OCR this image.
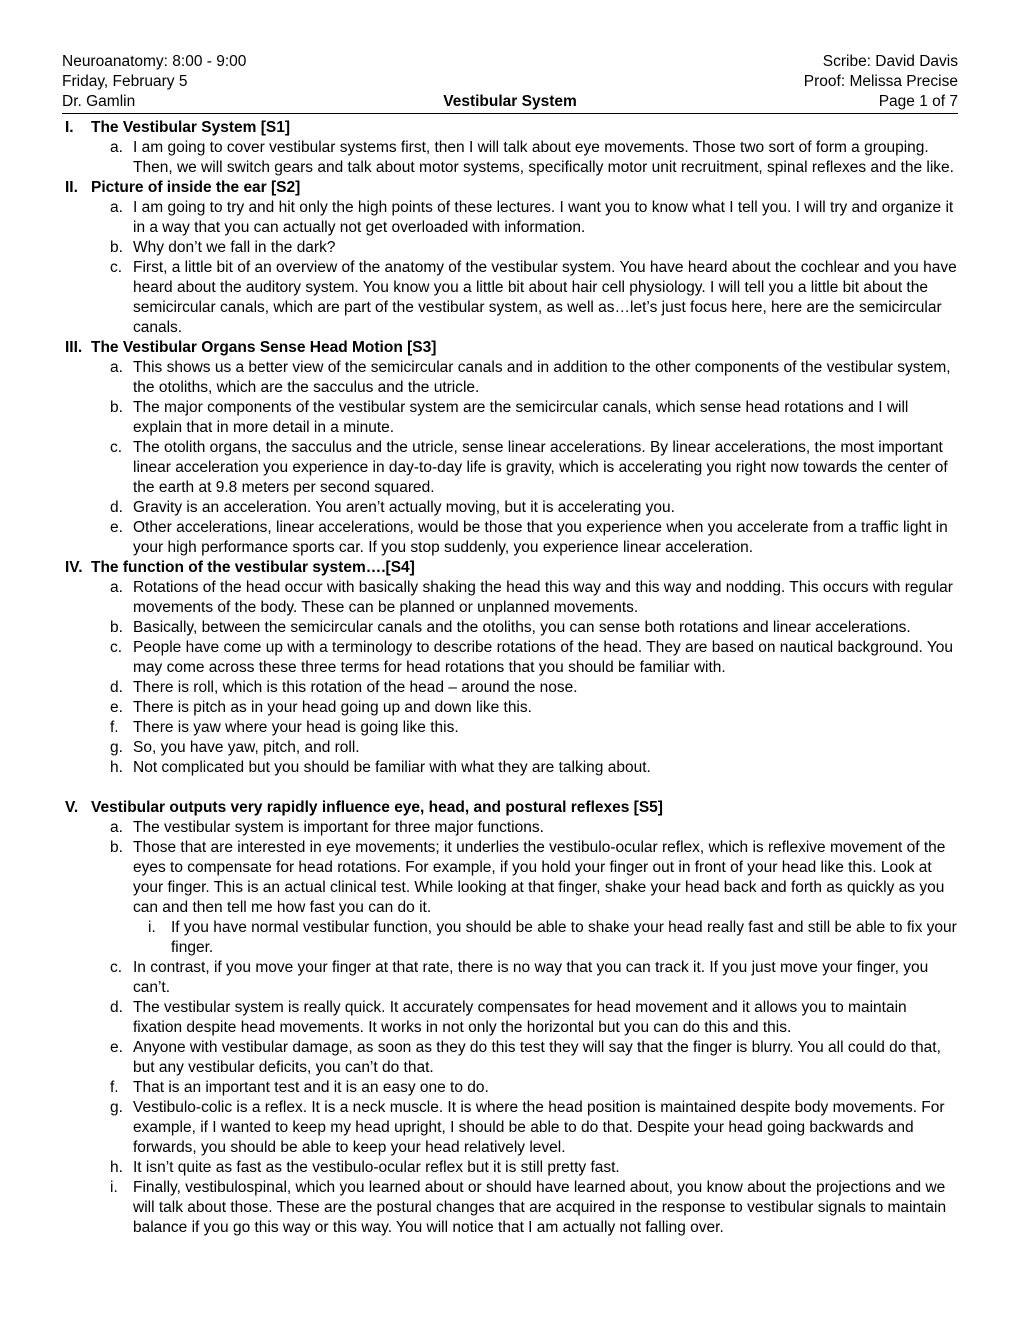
Neuroanatomy: 8:00 - 9:00	Scribe: David Davis
Friday, February 5	Proof: Melissa Precise
Dr. Gamlin	Vestibular System	Page 1 of 7
I.	The Vestibular System [S1]
a. I am going to cover vestibular systems first, then I will talk about eye movements. Those two sort of form a grouping. Then, we will switch gears and talk about motor systems, specifically motor unit recruitment, spinal reflexes and the like.
II. Picture of inside the ear [S2]
a. I am going to try and hit only the high points of these lectures. I want you to know what I tell you. I will try and organize it in a way that you can actually not get overloaded with information.
b. Why don’t we fall in the dark?
c. First, a little bit of an overview of the anatomy of the vestibular system. You have heard about the cochlear and you have heard about the auditory system. You know you a little bit about hair cell physiology. I will tell you a little bit about the semicircular canals, which are part of the vestibular system, as well as…let’s just focus here, here are the semicircular canals.
III. The Vestibular Organs Sense Head Motion [S3]
a. This shows us a better view of the semicircular canals and in addition to the other components of the vestibular system, the otoliths, which are the sacculus and the utricle.
b. The major components of the vestibular system are the semicircular canals, which sense head rotations and I will explain that in more detail in a minute.
c. The otolith organs, the sacculus and the utricle, sense linear accelerations. By linear accelerations, the most important linear acceleration you experience in day-to-day life is gravity, which is accelerating you right now towards the center of the earth at 9.8 meters per second squared.
d. Gravity is an acceleration. You aren’t actually moving, but it is accelerating you.
e. Other accelerations, linear accelerations, would be those that you experience when you accelerate from a traffic light in your high performance sports car. If you stop suddenly, you experience linear acceleration.
IV. The function of the vestibular system….[S4]
a. Rotations of the head occur with basically shaking the head this way and this way and nodding. This occurs with regular movements of the body. These can be planned or unplanned movements.
b. Basically, between the semicircular canals and the otoliths, you can sense both rotations and linear accelerations.
c. People have come up with a terminology to describe rotations of the head. They are based on nautical background. You may come across these three terms for head rotations that you should be familiar with.
d. There is roll, which is this rotation of the head – around the nose.
e. There is pitch as in your head going up and down like this.
f. There is yaw where your head is going like this.
g. So, you have yaw, pitch, and roll.
h. Not complicated but you should be familiar with what they are talking about.
V. Vestibular outputs very rapidly influence eye, head, and postural reflexes [S5]
a. The vestibular system is important for three major functions.
b. Those that are interested in eye movements; it underlies the vestibulo-ocular reflex, which is reflexive movement of the eyes to compensate for head rotations. For example, if you hold your finger out in front of your head like this. Look at your finger. This is an actual clinical test. While looking at that finger, shake your head back and forth as quickly as you can and then tell me how fast you can do it.
i. If you have normal vestibular function, you should be able to shake your head really fast and still be able to fix your finger.
c. In contrast, if you move your finger at that rate, there is no way that you can track it. If you just move your finger, you can’t.
d. The vestibular system is really quick. It accurately compensates for head movement and it allows you to maintain fixation despite head movements. It works in not only the horizontal but you can do this and this.
e. Anyone with vestibular damage, as soon as they do this test they will say that the finger is blurry. You all could do that, but any vestibular deficits, you can’t do that.
f. That is an important test and it is an easy one to do.
g. Vestibulo-colic is a reflex. It is a neck muscle. It is where the head position is maintained despite body movements. For example, if I wanted to keep my head upright, I should be able to do that. Despite your head going backwards and forwards, you should be able to keep your head relatively level.
h. It isn’t quite as fast as the vestibulo-ocular reflex but it is still pretty fast.
i. Finally, vestibulospinal, which you learned about or should have learned about, you know about the projections and we will talk about those. These are the postural changes that are acquired in the response to vestibular signals to maintain balance if you go this way or this way. You will notice that I am actually not falling over.
